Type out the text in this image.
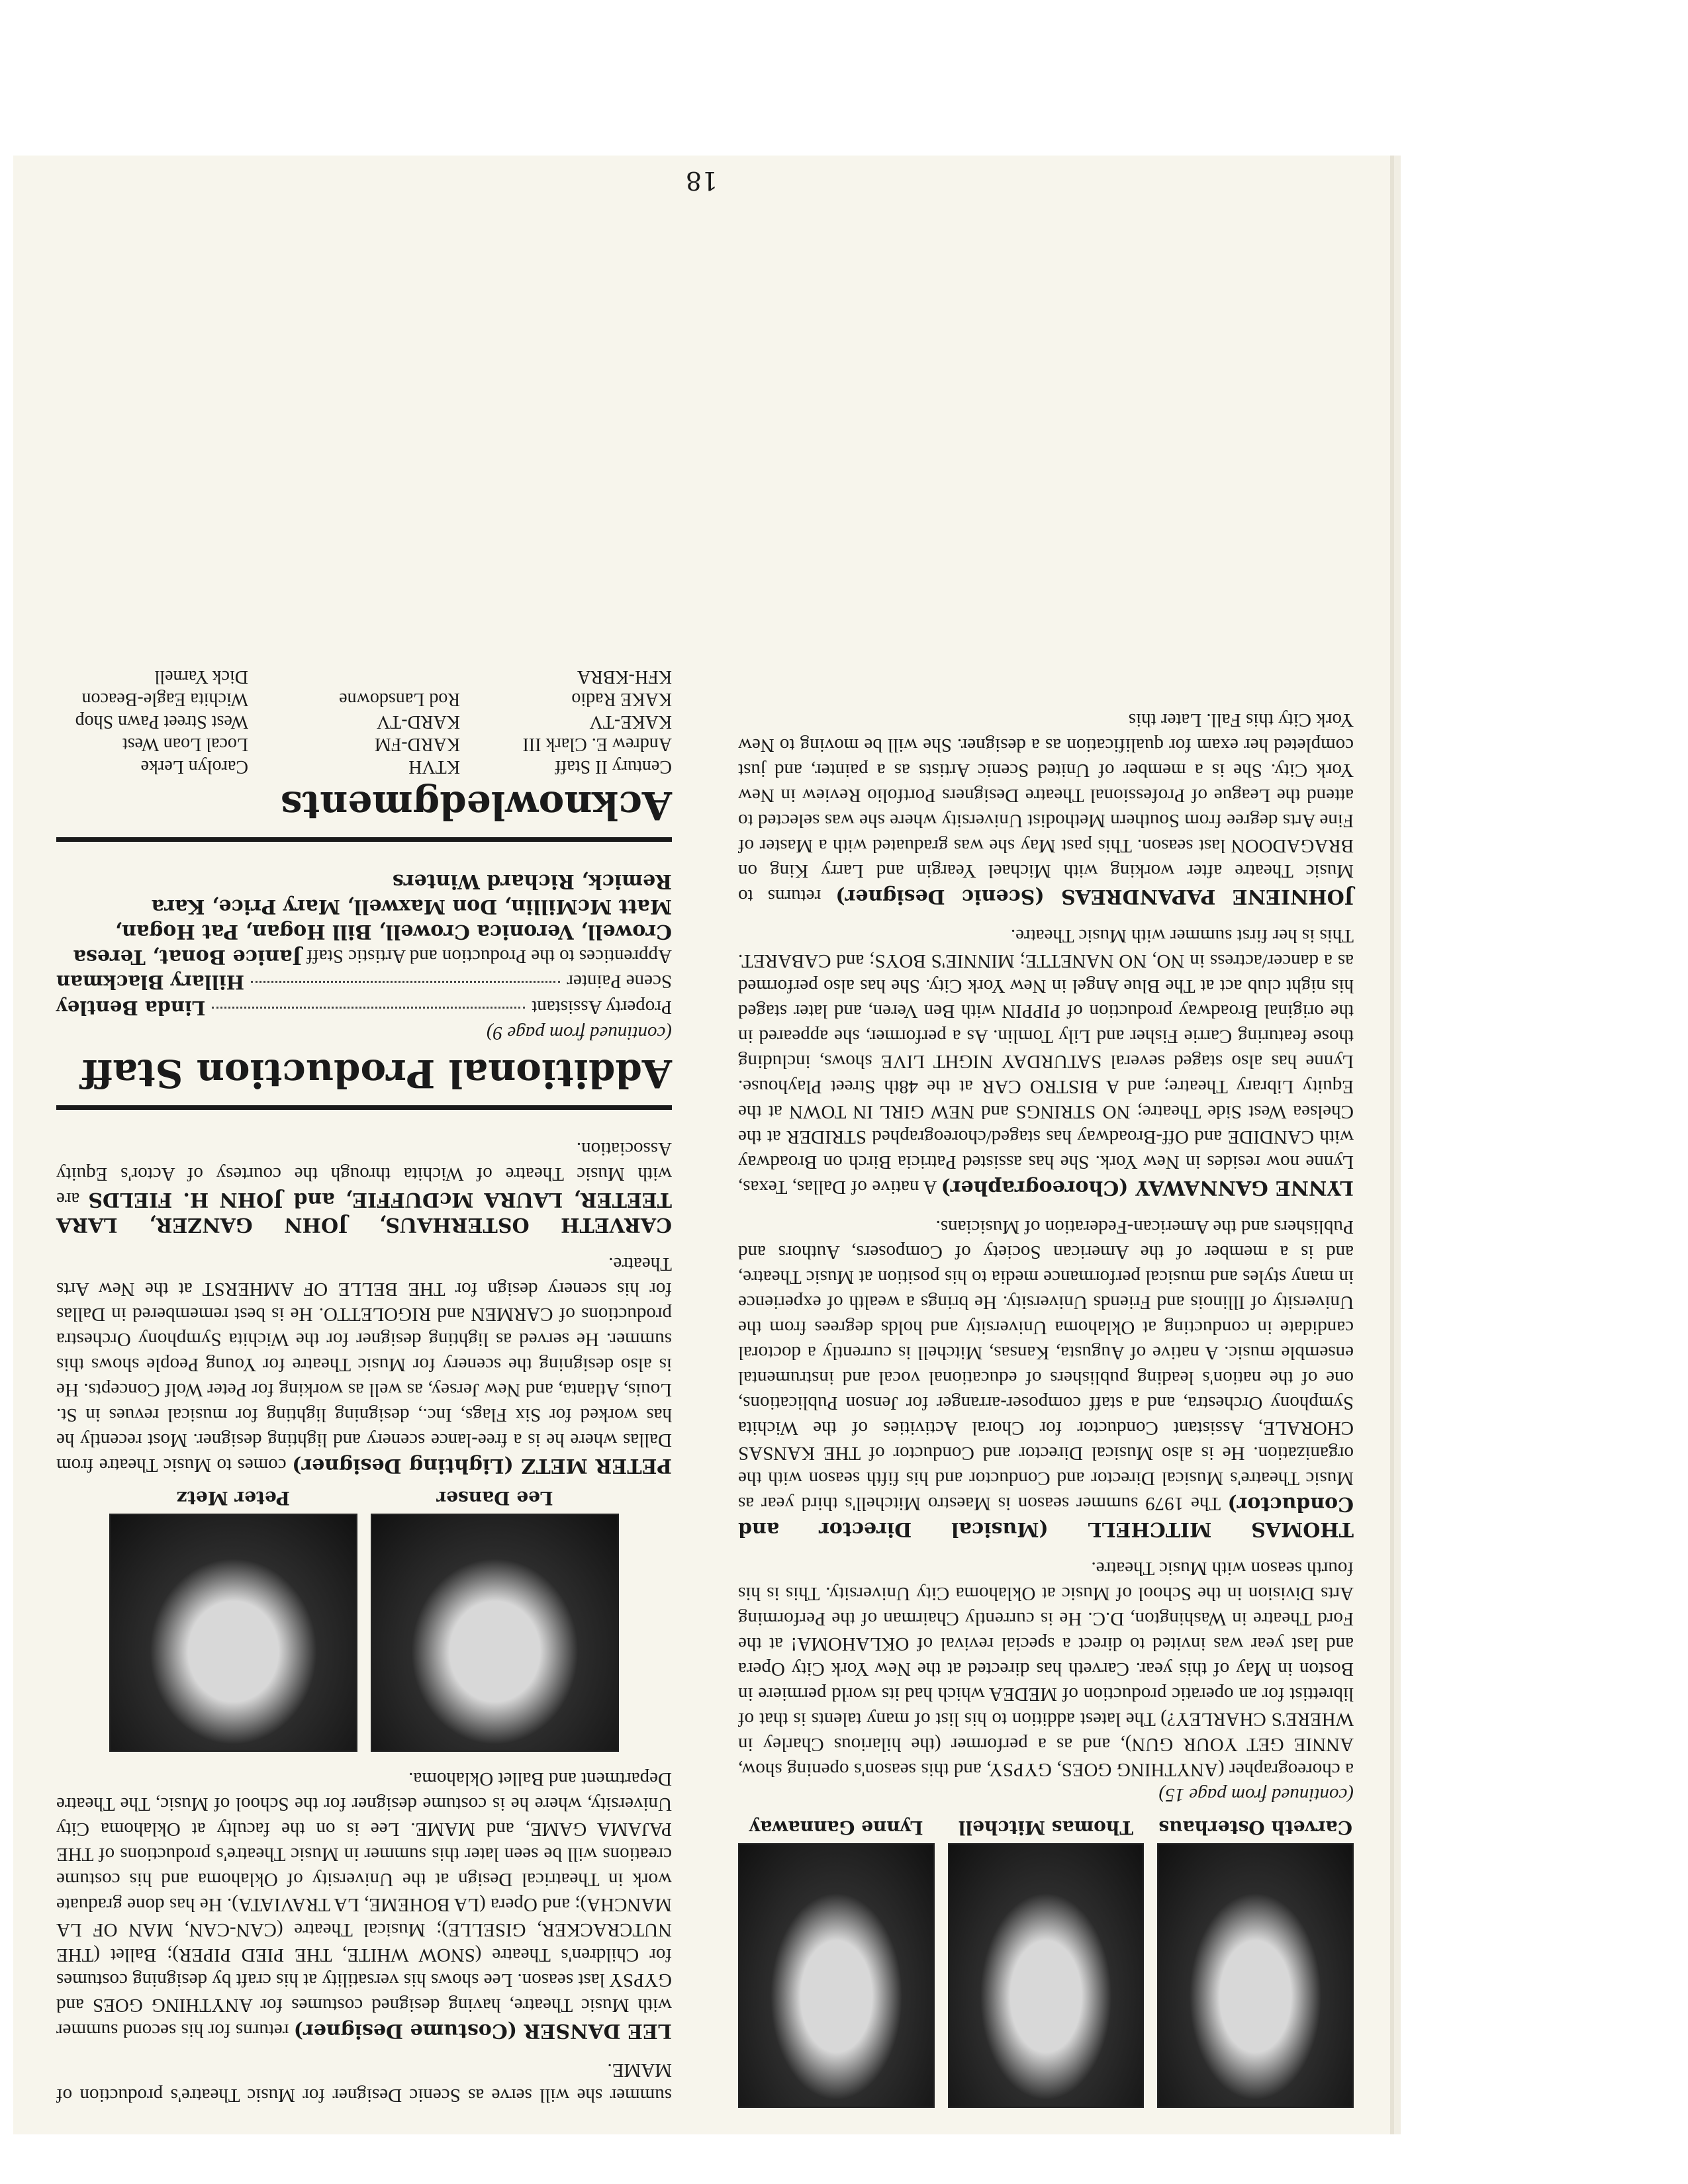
Carveth Osterhaus
Thomas Mitchell
Lynne Gannaway

(continued from page 15)
a choreographer (ANYTHING GOES, GYPSY, and this season's opening show, ANNIE GET YOUR GUN), and as a performer (the hilarious Charley in WHERE'S CHARLEY?) The latest addition to his list of many talents is that of librettist for an operatic production of MEDEA which had its world permiere in Boston in May of this year. Carveth has directed at the New York City Opera and last year was invited to direct a special revival of OKLAHOMA! at the Ford Theatre in Washington, D.C. He is currently Chairman of the Performing Arts Division in the School of Music at Oklahoma City University. This is his fourth season with Music Theatre.

THOMAS MITCHELL (Musical Director and Conductor) The 1979 summer season is Maestro Mitchell's third year as Music Theatre's Musical Director and Conductor and his fifth season with the organization. He is also Musical Director and Conductor of THE KANSAS CHORALE, Assistant Conductor for Choral Activities of the Wichita Symphony Orchestra, and a staff composer-arranger for Jenson Publications, one of the nation's leading publishers of educational vocal and instrumental ensemble music. A native of Augusta, Kansas, Mitchell is currently a doctoral candidate in conducting at Oklahoma University and holds degrees from the University of Illinois and Friends University. He brings a wealth of experience in many styles and musical performance media to his position at Music Theatre, and is a member of the American Society of Composers, Authors and Publishers and the American-Federation of Musicians.

LYNNE GANNAWAY (Choreographer) A native of Dallas, Texas, Lynne now resides in New York. She has assisted Patricia Birch on Broadway with CANDIDE and Off-Broadway has staged/choreographed STRIDER at the Chelsea West Side Theatre; NO STRINGS and NEW GIRL IN TOWN at the Equity Library Theatre; and A BISTRO CAR at the 48th Street Playhouse. Lynne has also staged several SATURDAY NIGHT LIVE shows, including those featuring Carrie Fisher and Lily Tomlin. As a performer, she appeared in the original Broadway production of PIPPIN with Ben Veren, and later staged his night club act at The Blue Angel in New York City. She has also performed as a dancer/actress in NO, NO NANETTE; MINNIE'S BOYS; and CABARET. This is her first summer with Music Theatre.

JOHNIENE PAPANDREAS (Scenic Designer) returns to Music Theatre after working with Michael Yeargin and Larry King on BRAGADOON last season. This past May she was graduated with a Master of Fine Arts degree from Southern Methodist University where she was selected to attend the League of Professional Theatre Designers Portfolio Review in New York City. She is a member of United Scenic Artists as a painter, and just completed her exam for qualification as a designer. She will be moving to New York City this Fall. Later this

summer she will serve as Scenic Designer for Music Theatre's production of MAME.

LEE DANSER (Costume Designer) returns for his second summer with Music Theatre, having designed costumes for ANYTHING GOES and GYPSY last season. Lee shows his versatility at his craft by designing costumes for Children's Theatre (SNOW WHITE, THE PIED PIPER); Ballet (THE NUTCRACKER, GISELLE); Musical Theatre (CAN-CAN, MAN OF LA MANCHA); and Opera (LA BOHEME, LA TRAVIATA). He has done graduate work in Theatrical Design at the University of Oklahoma and his costume creations will be seen later this summer in Music Theatre's productions of THE PAJAMA GAME, and MAME. Lee is on the faculty at Oklahoma City University, where he is costume designer for the School of Music, The Theatre Department and Ballet Oklahoma.

Lee Danser
Peter Metz

PETER METZ (Lighting Designer) comes to Music Theatre from Dallas where he is a free-lance scenery and lighting designer. Most recently he has worked for Six Flags, Inc., designing lighting for musical revues in St. Louis, Atlanta, and New Jersey, as well as working for Peter Wolf Concepts. He is also designing the scenery for Music Theatre for Young People shows this summer. He served as lighting designer for the Wichita Symphony Orchestra productions of CARMEN and RIGOLETTO. He is best remembered in Dallas for his scenery design for THE BELLE OF AMHERST at the New Arts Theatre.

CARVETH OSTERHAUS, JOHN GANZER, LARA TEETER, LAURA McDUFFIE, and JOHN H. FIELDS are with Music Theatre of Wichita through the courtesy of Actor's Equity Association.

Additional Production Staff
(continued from page 9)
Property Assistant
Linda Bentley
Scene Painter
Hillary Blackman
Apprentices to the Production and Artistic Staff Janice Bonat, Teresa Crowell, Veronica Crowell, Bill Hogan, Pat Hogan, Matt McMillin, Don Maxwell, Mary Price, Kara Remick, Richard Winters
Acknowledgments
Century II Staff
Andrew E. Clark III
KAKE-TV
KAKE Radio
KFH-KBRA
KTVH
KARD-FM
KARD-TV
Rod Lansdowne
Carolyn Lerke
Local Loan West
West Street Pawn Shop
Wichita Eagle-Beacon
Dick Yarnell
18
